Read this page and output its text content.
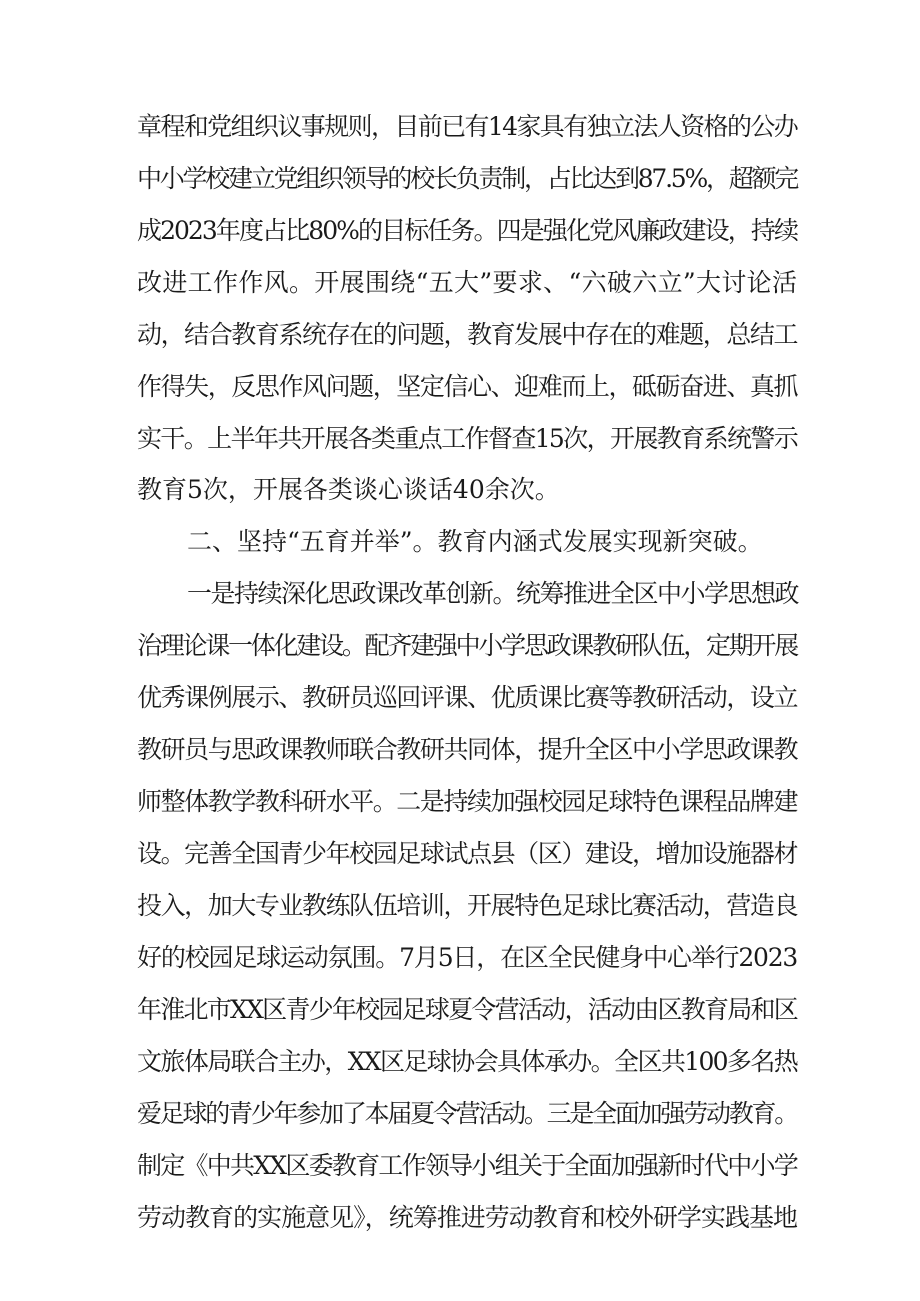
章程和党组织议事规则，目前已有14家具有独立法人资格的公办
中小学校建立党组织领导的校长负责制，占比达到87.5%，超额完
成2023年度占比80%的目标任务。四是强化党风廉政建设，持续
改进工作作风。开展围绕“五大”要求、“六破六立”大讨论活
动，结合教育系统存在的问题，教育发展中存在的难题，总结工
作得失，反思作风问题，坚定信心、迎难而上，砥砺奋进、真抓
实干。上半年共开展各类重点工作督查15次，开展教育系统警示
教育5次，开展各类谈心谈话40余次。
二、坚持“五育并举”。教育内涵式发展实现新突破。
一是持续深化思政课改革创新。统筹推进全区中小学思想政
治理论课一体化建设。配齐建强中小学思政课教研队伍，定期开展
优秀课例展示、教研员巡回评课、优质课比赛等教研活动，设立
教研员与思政课教师联合教研共同体，提升全区中小学思政课教
师整体教学教科研水平。二是持续加强校园足球特色课程品牌建
设。完善全国青少年校园足球试点县（区）建设，增加设施器材
投入，加大专业教练队伍培训，开展特色足球比赛活动，营造良
好的校园足球运动氛围。7月5日，在区全民健身中心举行2023
年淮北市XX区青少年校园足球夏令营活动，活动由区教育局和区
文旅体局联合主办，XX区足球协会具体承办。全区共100多名热
爱足球的青少年参加了本届夏令营活动。三是全面加强劳动教育。
制定《中共XX区委教育工作领导小组关于全面加强新时代中小学
劳动教育的实施意见》，统筹推进劳动教育和校外研学实践基地
